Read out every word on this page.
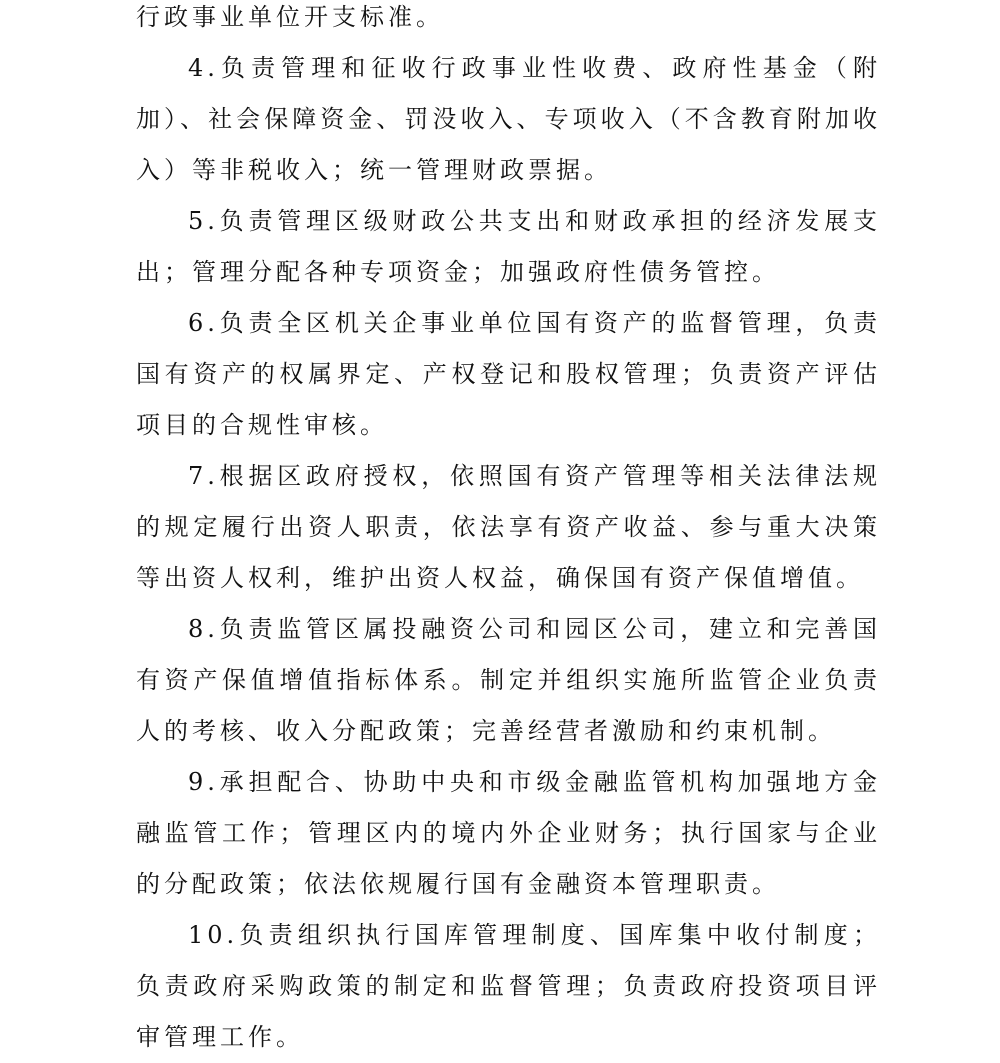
行政事业单位开支标准。

4.负责管理和征收行政事业性收费、政府性基金（附加）、社会保障资金、罚没收入、专项收入（不含教育附加收入）等非税收入；统一管理财政票据。

5.负责管理区级财政公共支出和财政承担的经济发展支出；管理分配各种专项资金；加强政府性债务管控。

6.负责全区机关企事业单位国有资产的监督管理，负责国有资产的权属界定、产权登记和股权管理；负责资产评估项目的合规性审核。

7.根据区政府授权，依照国有资产管理等相关法律法规的规定履行出资人职责，依法享有资产收益、参与重大决策等出资人权利，维护出资人权益，确保国有资产保值增值。

8.负责监管区属投融资公司和园区公司，建立和完善国有资产保值增值指标体系。制定并组织实施所监管企业负责人的考核、收入分配政策；完善经营者激励和约束机制。

9.承担配合、协助中央和市级金融监管机构加强地方金融监管工作；管理区内的境内外企业财务；执行国家与企业的分配政策；依法依规履行国有金融资本管理职责。

10.负责组织执行国库管理制度、国库集中收付制度；负责政府采购政策的制定和监督管理；负责政府投资项目评审管理工作。
